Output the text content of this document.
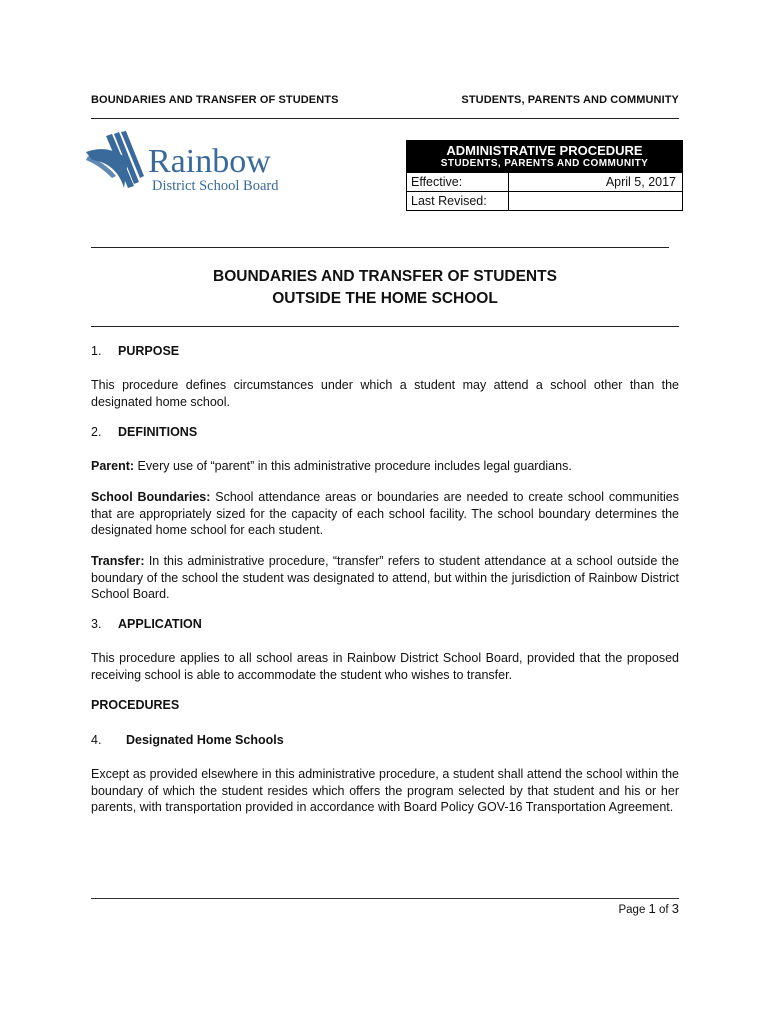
BOUNDARIES AND TRANSFER OF STUDENTS	STUDENTS, PARENTS AND COMMUNITY
Rainbow
District School Board
ADMINISTRATIVE PROCEDURE
STUDENTS, PARENTS AND COMMUNITY
Effective:	April 5, 2017
Last Revised:
BOUNDARIES AND TRANSFER OF STUDENTS
OUTSIDE THE HOME SCHOOL
1. PURPOSE
This procedure defines circumstances under which a student may attend a school other than the designated home school.
2. DEFINITIONS
Parent: Every use of “parent” in this administrative procedure includes legal guardians.
School Boundaries: School attendance areas or boundaries are needed to create school communities that are appropriately sized for the capacity of each school facility. The school boundary determines the designated home school for each student.
Transfer: In this administrative procedure, “transfer” refers to student attendance at a school outside the boundary of the school the student was designated to attend, but within the jurisdiction of Rainbow District School Board.
3. APPLICATION
This procedure applies to all school areas in Rainbow District School Board, provided that the proposed receiving school is able to accommodate the student who wishes to transfer.
PROCEDURES
4. Designated Home Schools
Except as provided elsewhere in this administrative procedure, a student shall attend the school within the boundary of which the student resides which offers the program selected by that student and his or her parents, with transportation provided in accordance with Board Policy GOV-16 Transportation Agreement.
Page 1 of 3
